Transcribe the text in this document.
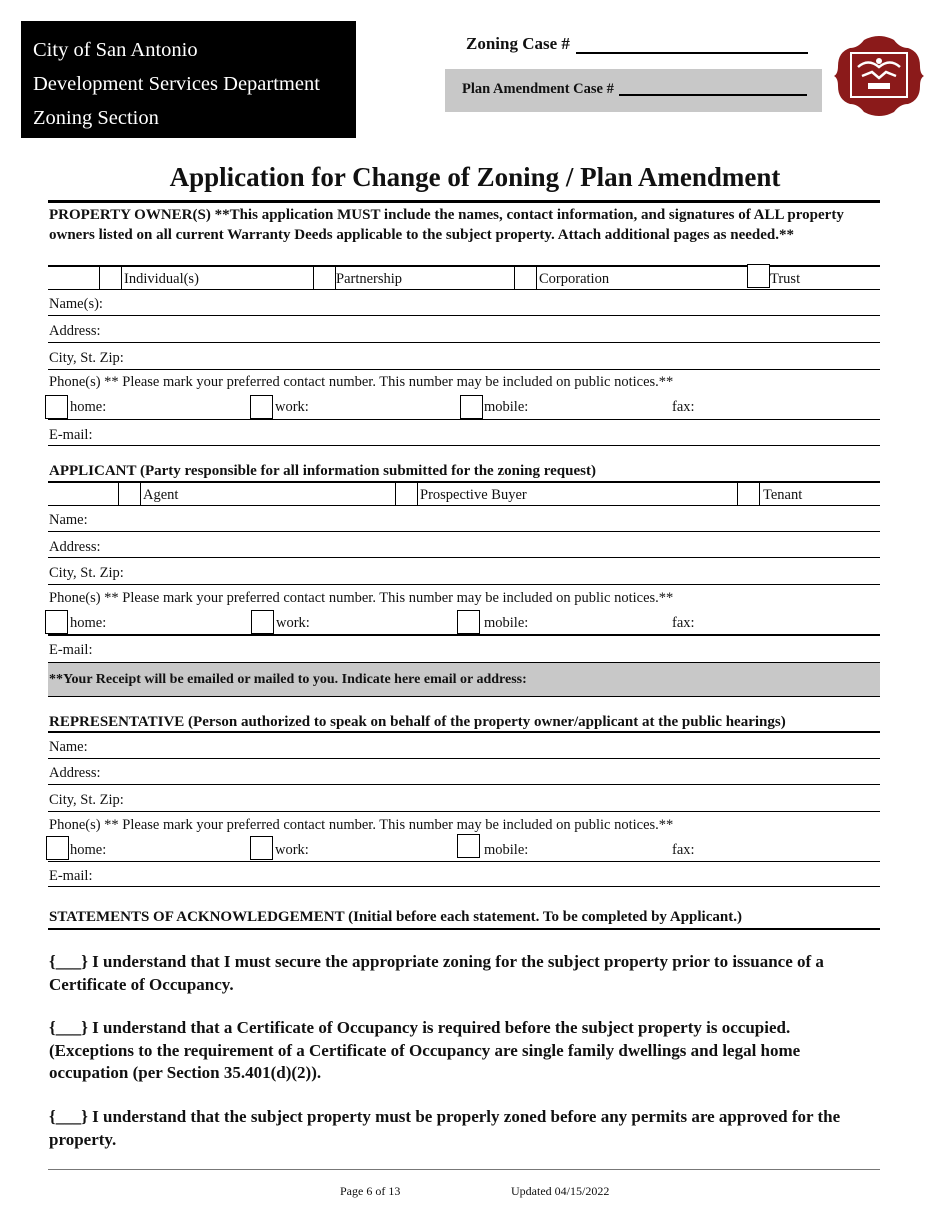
City of San Antonio
Development Services Department
Zoning Section
Zoning Case #
Plan Amendment Case #
Application for Change of Zoning / Plan Amendment
PROPERTY OWNER(S) **This application MUST include the names, contact information, and signatures of ALL property owners listed on all current Warranty Deeds applicable to the subject property. Attach additional pages as needed.**
Individual(s)	Partnership	Corporation	Trust
Name(s):
Address:
City, St. Zip:
Phone(s) ** Please mark your preferred contact number. This number may be included on public notices.**
home:	work:	mobile:	fax:
E-mail:
APPLICANT (Party responsible for all information submitted for the zoning request)
Agent	Prospective Buyer	Tenant
Name:
Address:
City, St. Zip:
Phone(s) ** Please mark your preferred contact number. This number may be included on public notices.**
home:	work:	mobile:	fax:
E-mail:
**Your Receipt will be emailed or mailed to you. Indicate here email or address:
REPRESENTATIVE (Person authorized to speak on behalf of the property owner/applicant at the public hearings)
Name:
Address:
City, St. Zip:
Phone(s) ** Please mark your preferred contact number. This number may be included on public notices.**
home:	work:	mobile:	fax:
E-mail:
STATEMENTS OF ACKNOWLEDGEMENT (Initial before each statement. To be completed by Applicant.)
{___} I understand that I must secure the appropriate zoning for the subject property prior to issuance of a Certificate of Occupancy.
{___} I understand that a Certificate of Occupancy is required before the subject property is occupied. (Exceptions to the requirement of a Certificate of Occupancy are single family dwellings and legal home occupation (per Section 35.401(d)(2)).
{___} I understand that the subject property must be properly zoned before any permits are approved for the property.
Page 6 of 13	Updated 04/15/2022
